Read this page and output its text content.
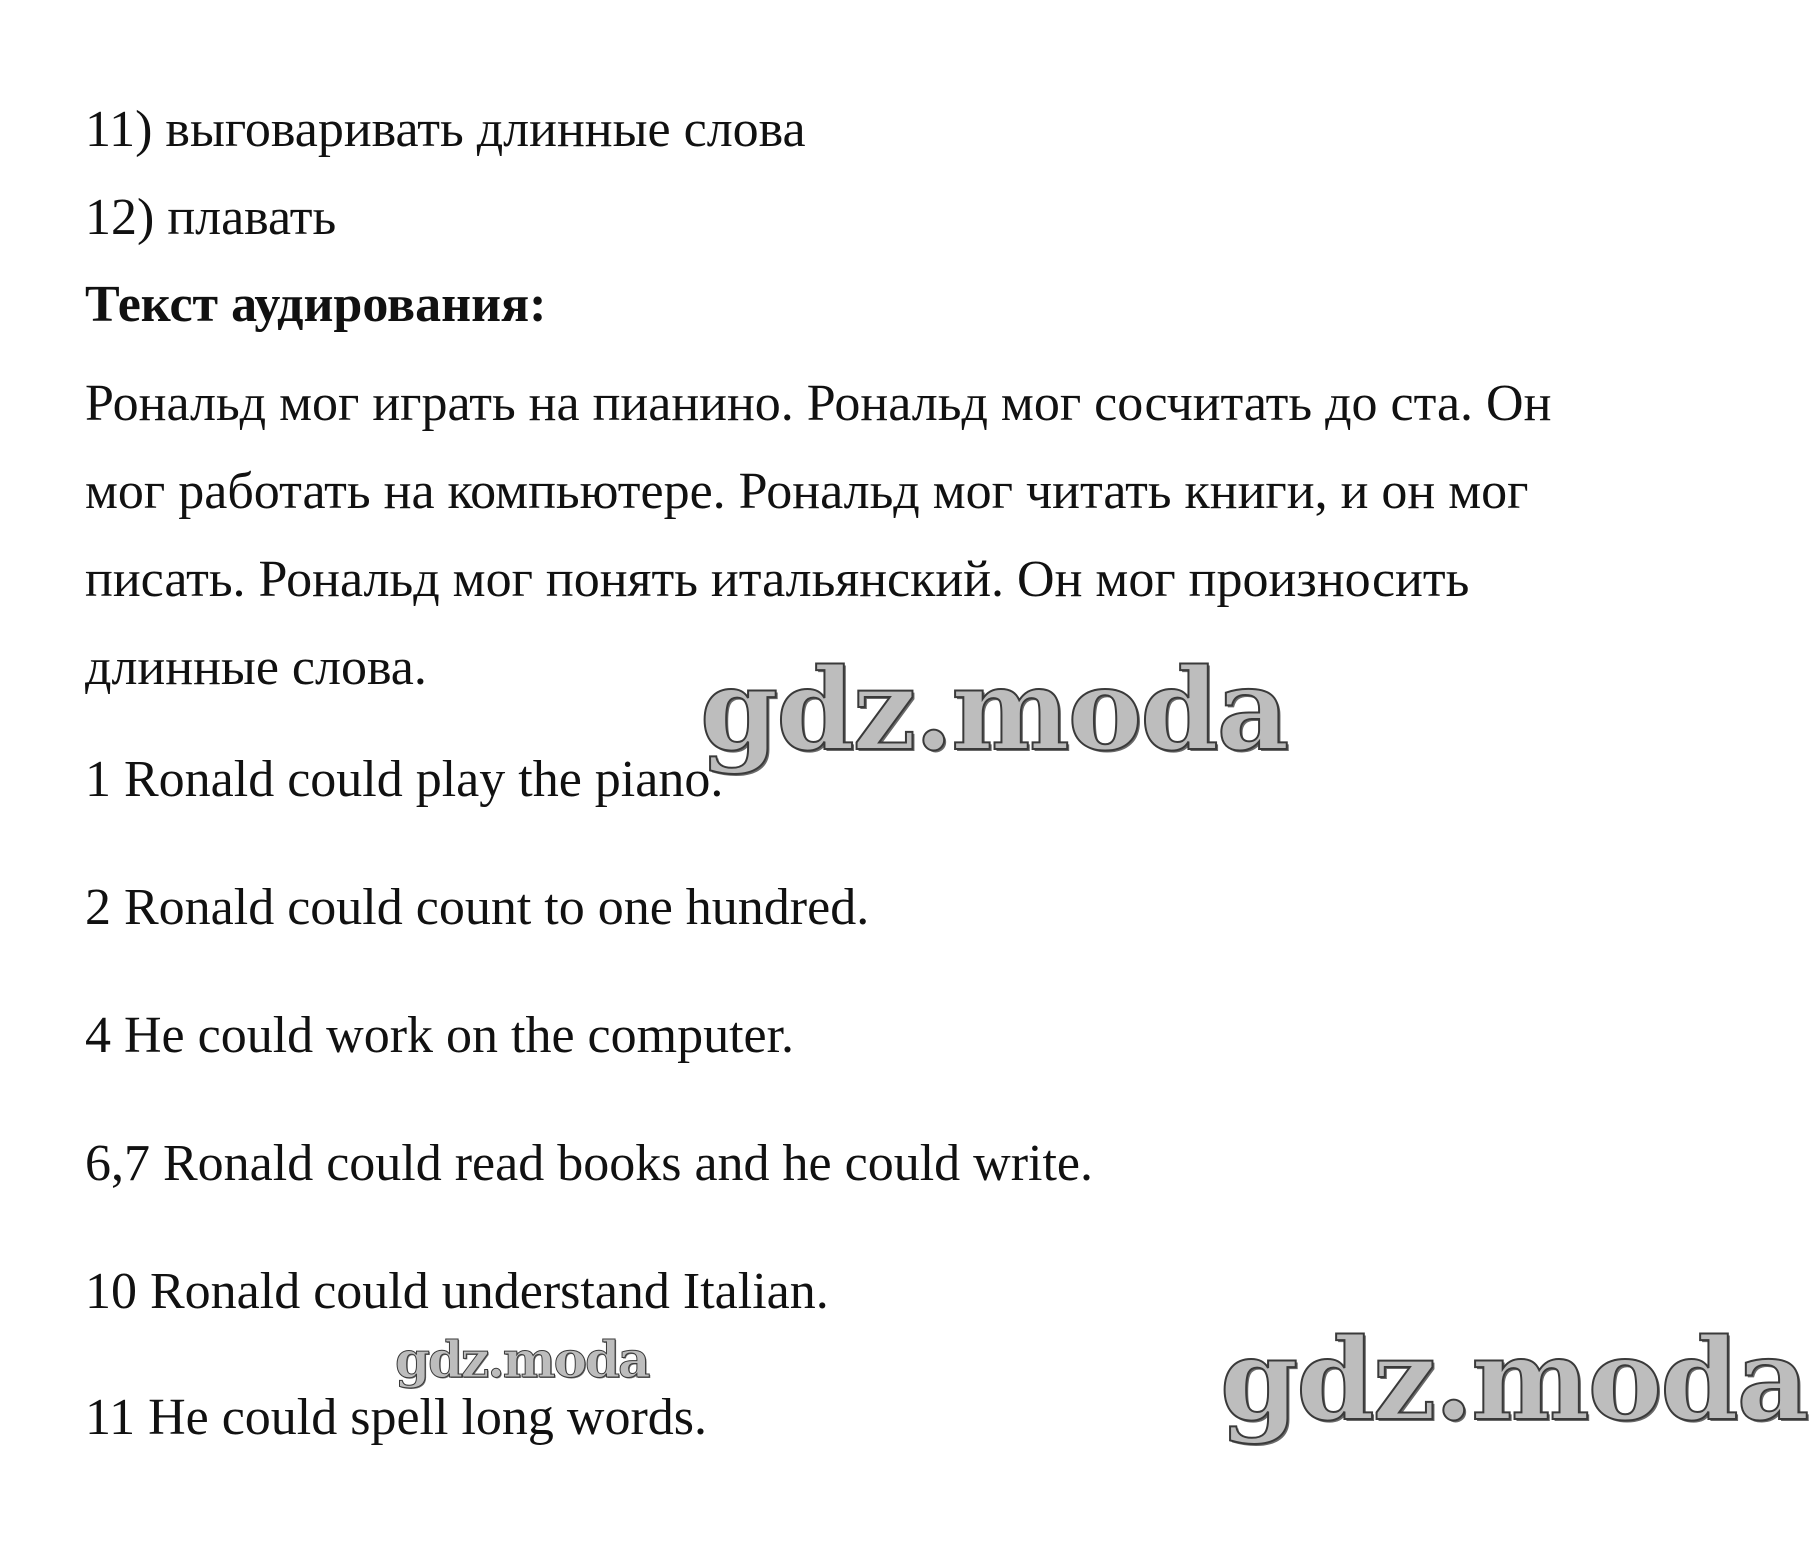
11) выговаривать длинные слова
12) плавать
Текст аудирования:

Рональд мог играть на пианино. Рональд мог сосчитать до ста. Он

мог работать на компьютере. Рональд мог читать книги, и он мог

писать. Рональд мог понять итальянский. Он мог произносить

длинные слова.

1 Ronald could play the piano.
2 Ronald could count to one hundred.
4 He could work on the computer.
6,7 Ronald could read books and he could write.
10 Ronald could understand Italian.
11 He could spell long words.
gdz.moda
gdz.moda	gdz.moda
